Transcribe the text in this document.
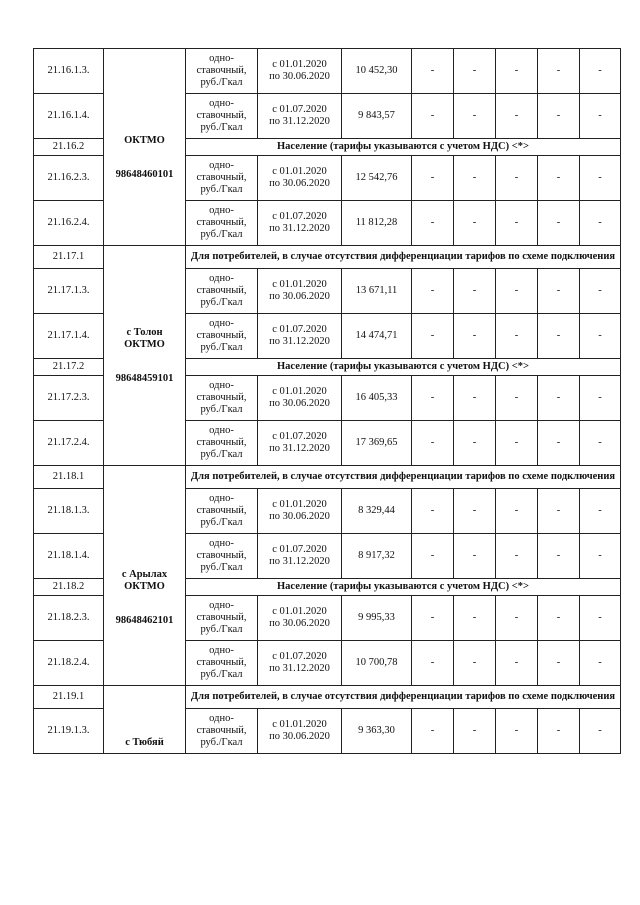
21.16.1.3.	ОКТМО
98648460101	одно-
ставочный,
руб./Гкал	с 01.01.2020
по 30.06.2020	10 452,30	-	-	-	-	-
21.16.1.4.		одно-
ставочный,
руб./Гкал	с 01.07.2020
по 31.12.2020	9 843,57	-	-	-	-	-
21.16.2		Население (тарифы указываются с учетом НДС) <*>							
21.16.2.3.		одно-
ставочный,
руб./Гкал	с 01.01.2020
по 30.06.2020	12 542,76	-	-	-	-	-
21.16.2.4.		одно-
ставочный,
руб./Гкал	с 01.07.2020
по 31.12.2020	11 812,28	-	-	-	-	-
21.17.1	с Толон
ОКТМО
98648459101	Для потребителей, в случае отсутствия дифференциации тарифов по схеме подключения							
21.17.1.3.		одно-
ставочный,
руб./Гкал	с 01.01.2020
по 30.06.2020	13 671,11	-	-	-	-	-
21.17.1.4.		одно-
ставочный,
руб./Гкал	с 01.07.2020
по 31.12.2020	14 474,71	-	-	-	-	-
21.17.2		Население (тарифы указываются с учетом НДС) <*>							
21.17.2.3.		одно-
ставочный,
руб./Гкал	с 01.01.2020
по 30.06.2020	16 405,33	-	-	-	-	-
21.17.2.4.		одно-
ставочный,
руб./Гкал	с 01.07.2020
по 31.12.2020	17 369,65	-	-	-	-	-
21.18.1	с Арылах
ОКТМО
98648462101	Для потребителей, в случае отсутствия дифференциации тарифов по схеме подключения							
21.18.1.3.		одно-
ставочный,
руб./Гкал	с 01.01.2020
по 30.06.2020	8 329,44	-	-	-	-	-
21.18.1.4.		одно-
ставочный,
руб./Гкал	с 01.07.2020
по 31.12.2020	8 917,32	-	-	-	-	-
21.18.2		Население (тарифы указываются с учетом НДС) <*>							
21.18.2.3.		одно-
ставочный,
руб./Гкал	с 01.01.2020
по 30.06.2020	9 995,33	-	-	-	-	-
21.18.2.4.		одно-
ставочный,
руб./Гкал	с 01.07.2020
по 31.12.2020	10 700,78	-	-	-	-	-
21.19.1	с Тюбяй	Для потребителей, в случае отсутствия дифференциации тарифов по схеме подключения							
21.19.1.3.		одно-
ставочный,
руб./Гкал	с 01.01.2020
по 30.06.2020	9 363,30	-	-	-	-	-
